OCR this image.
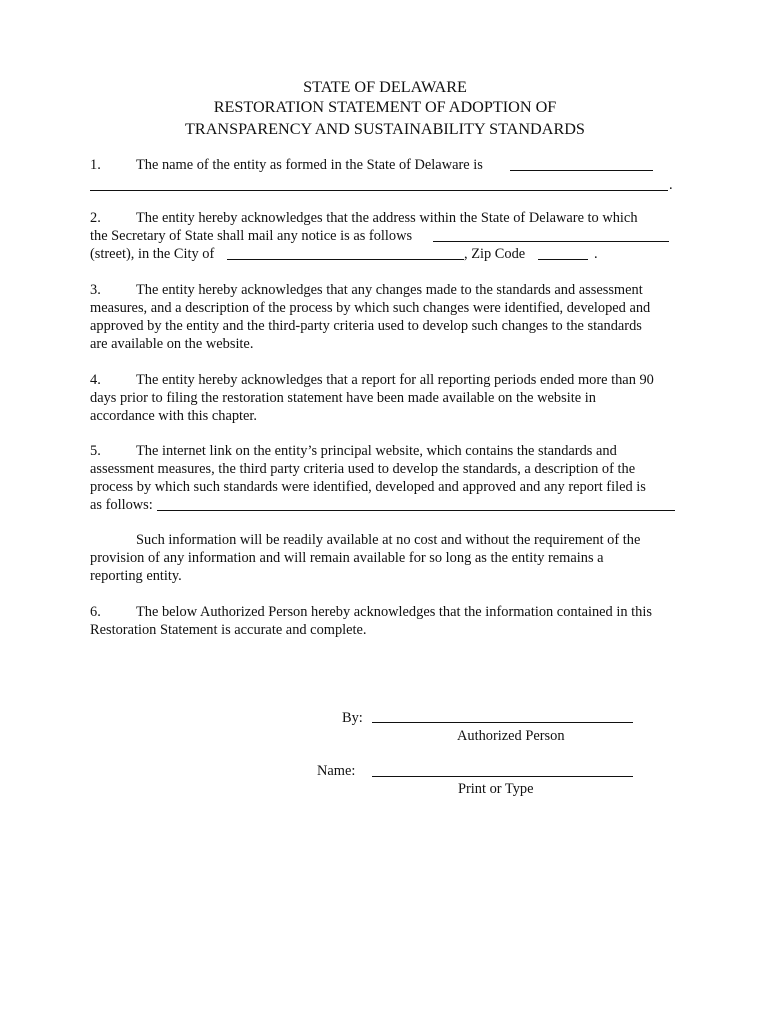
STATE OF DELAWARE
RESTORATION STATEMENT OF ADOPTION OF
TRANSPARENCY AND SUSTAINABILITY STANDARDS
1. The name of the entity as formed in the State of Delaware is
.
2. The entity hereby acknowledges that the address within the State of Delaware to which
the Secretary of State shall mail any notice is as follows
(street), in the City of	, Zip Code	.
3. The entity hereby acknowledges that any changes made to the standards and assessment
measures, and a description of the process by which such changes were identified, developed and
approved by the entity and the third-party criteria used to develop such changes to the standards
are available on the website.
4. The entity hereby acknowledges that a report for all reporting periods ended more than 90
days prior to filing the restoration statement have been made available on the website in
accordance with this chapter.
5. The internet link on the entity’s principal website, which contains the standards and
assessment measures, the third party criteria used to develop the standards, a description of the
process by which such standards were identified, developed and approved and any report filed is
as follows:
Such information will be readily available at no cost and without the requirement of the
provision of any information and will remain available for so long as the entity remains a
reporting entity.
6. The below Authorized Person hereby acknowledges that the information contained in this
Restoration Statement is accurate and complete.
By:
Authorized Person
Name:
Print or Type
